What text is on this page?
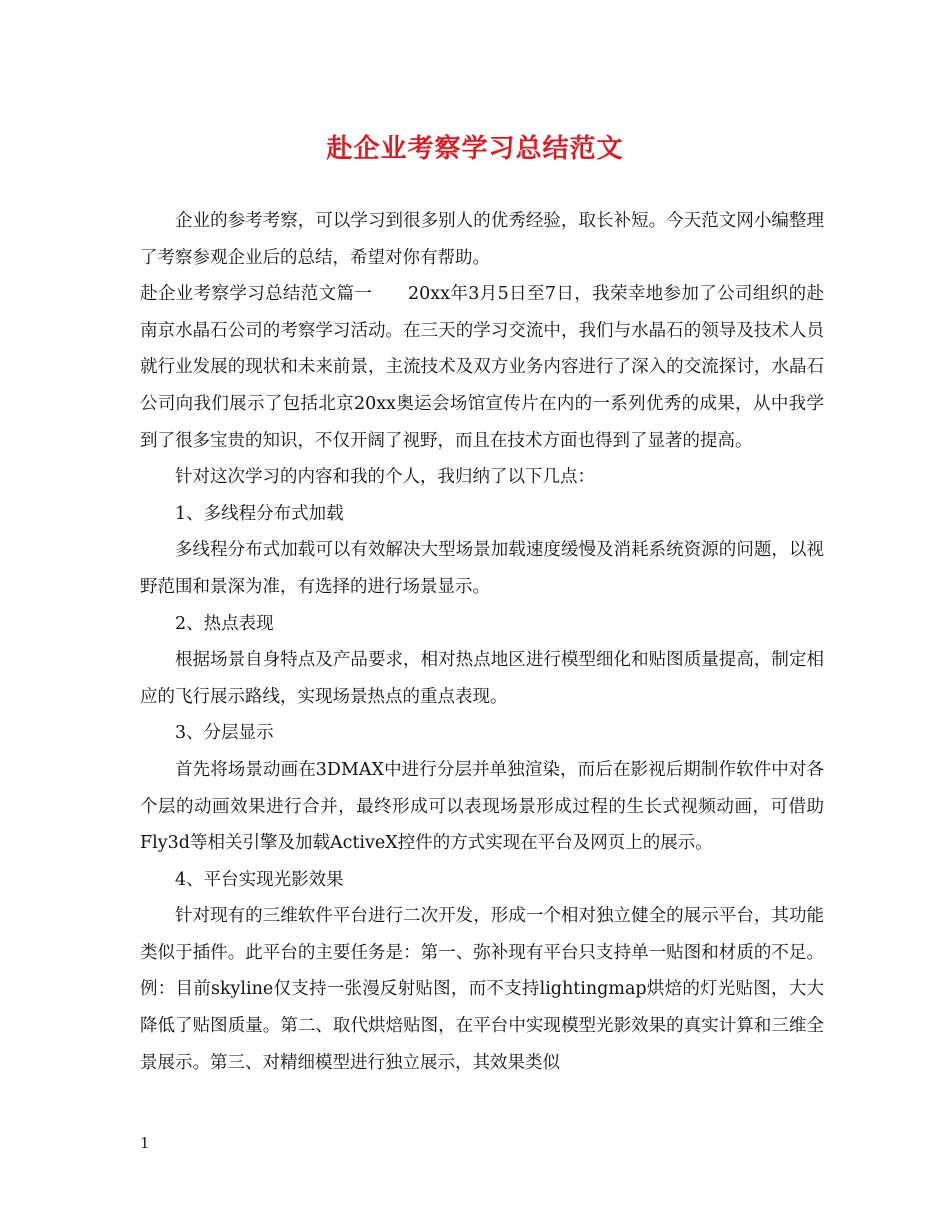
赴企业考察学习总结范文

企业的参考考察，可以学习到很多别人的优秀经验，取长补短。今天范文网小编整理了考察参观企业后的总结，希望对你有帮助。

赴企业考察学习总结范文篇一　　20xx年3月5日至7日，我荣幸地参加了公司组织的赴南京水晶石公司的考察学习活动。在三天的学习交流中，我们与水晶石的领导及技术人员就行业发展的现状和未来前景，主流技术及双方业务内容进行了深入的交流探讨，水晶石公司向我们展示了包括北京20xx奥运会场馆宣传片在内的一系列优秀的成果，从中我学到了很多宝贵的知识，不仅开阔了视野，而且在技术方面也得到了显著的提高。

针对这次学习的内容和我的个人，我归纳了以下几点：

1、多线程分布式加载

多线程分布式加载可以有效解决大型场景加载速度缓慢及消耗系统资源的问题，以视野范围和景深为准，有选择的进行场景显示。

2、热点表现

根据场景自身特点及产品要求，相对热点地区进行模型细化和贴图质量提高，制定相应的飞行展示路线，实现场景热点的重点表现。

3、分层显示

首先将场景动画在3DMAX中进行分层并单独渲染，而后在影视后期制作软件中对各个层的动画效果进行合并，最终形成可以表现场景形成过程的生长式视频动画，可借助Fly3d等相关引擎及加载ActiveX控件的方式实现在平台及网页上的展示。

4、平台实现光影效果

针对现有的三维软件平台进行二次开发，形成一个相对独立健全的展示平台，其功能类似于插件。此平台的主要任务是：第一、弥补现有平台只支持单一贴图和材质的不足。例：目前skyline仅支持一张漫反射贴图，而不支持lightingmap烘焙的灯光贴图，大大降低了贴图质量。第二、取代烘焙贴图，在平台中实现模型光影效果的真实计算和三维全景展示。第三、对精细模型进行独立展示，其效果类似

1
